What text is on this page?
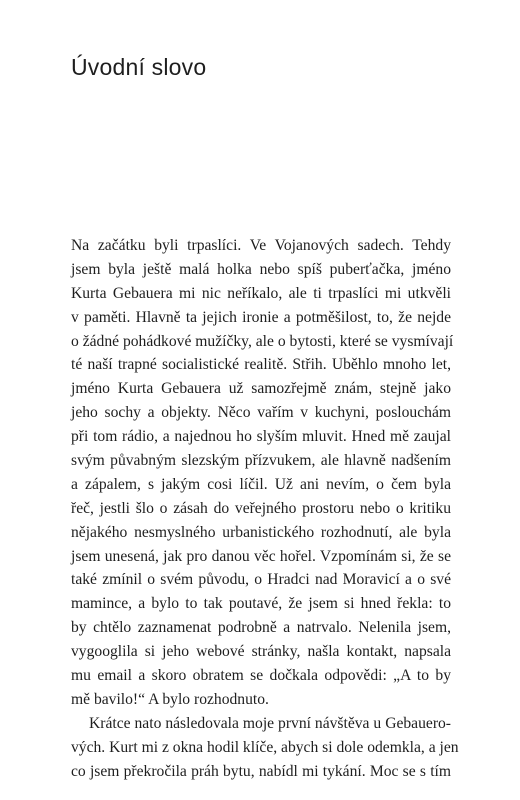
Úvodní slovo
Na začátku byli trpaslíci. Ve Vojanových sadech. Tehdy
jsem byla ještě malá holka nebo spíš puberťačka, jméno
Kurta Gebauera mi nic neříkalo, ale ti trpaslíci mi utkvěli
v paměti. Hlavně ta jejich ironie a potměšilost, to, že nejde
o žádné pohádkové mužíčky, ale o bytosti, které se vysmívají
té naší trapné socialistické realitě. Střih. Uběhlo mnoho let,
jméno Kurta Gebauera už samozřejmě znám, stejně jako
jeho sochy a objekty. Něco vařím v kuchyni, poslouchám
při tom rádio, a najednou ho slyším mluvit. Hned mě zaujal
svým půvabným slezským přízvukem, ale hlavně nadšením
a zápalem, s jakým cosi líčil. Už ani nevím, o čem byla
řeč, jestli šlo o zásah do veřejného prostoru nebo o kritiku
nějakého nesmyslného urbanistického rozhodnutí, ale byla
jsem unesená, jak pro danou věc hořel. Vzpomínám si, že se
také zmínil o svém původu, o Hradci nad Moravicí a o své
mamince, a bylo to tak poutavé, že jsem si hned řekla: to
by chtělo zaznamenat podrobně a natrvalo. Nelenila jsem,
vygooglila si jeho webové stránky, našla kontakt, napsala
mu email a skoro obratem se dočkala odpovědi: „A to by
mě bavilo!“ A bylo rozhodnuto.
Krátce nato následovala moje první návštěva u Gebauero-
vých. Kurt mi z okna hodil klíče, abych si dole odemkla, a jen
co jsem překročila práh bytu, nabídl mi tykání. Moc se s tím
